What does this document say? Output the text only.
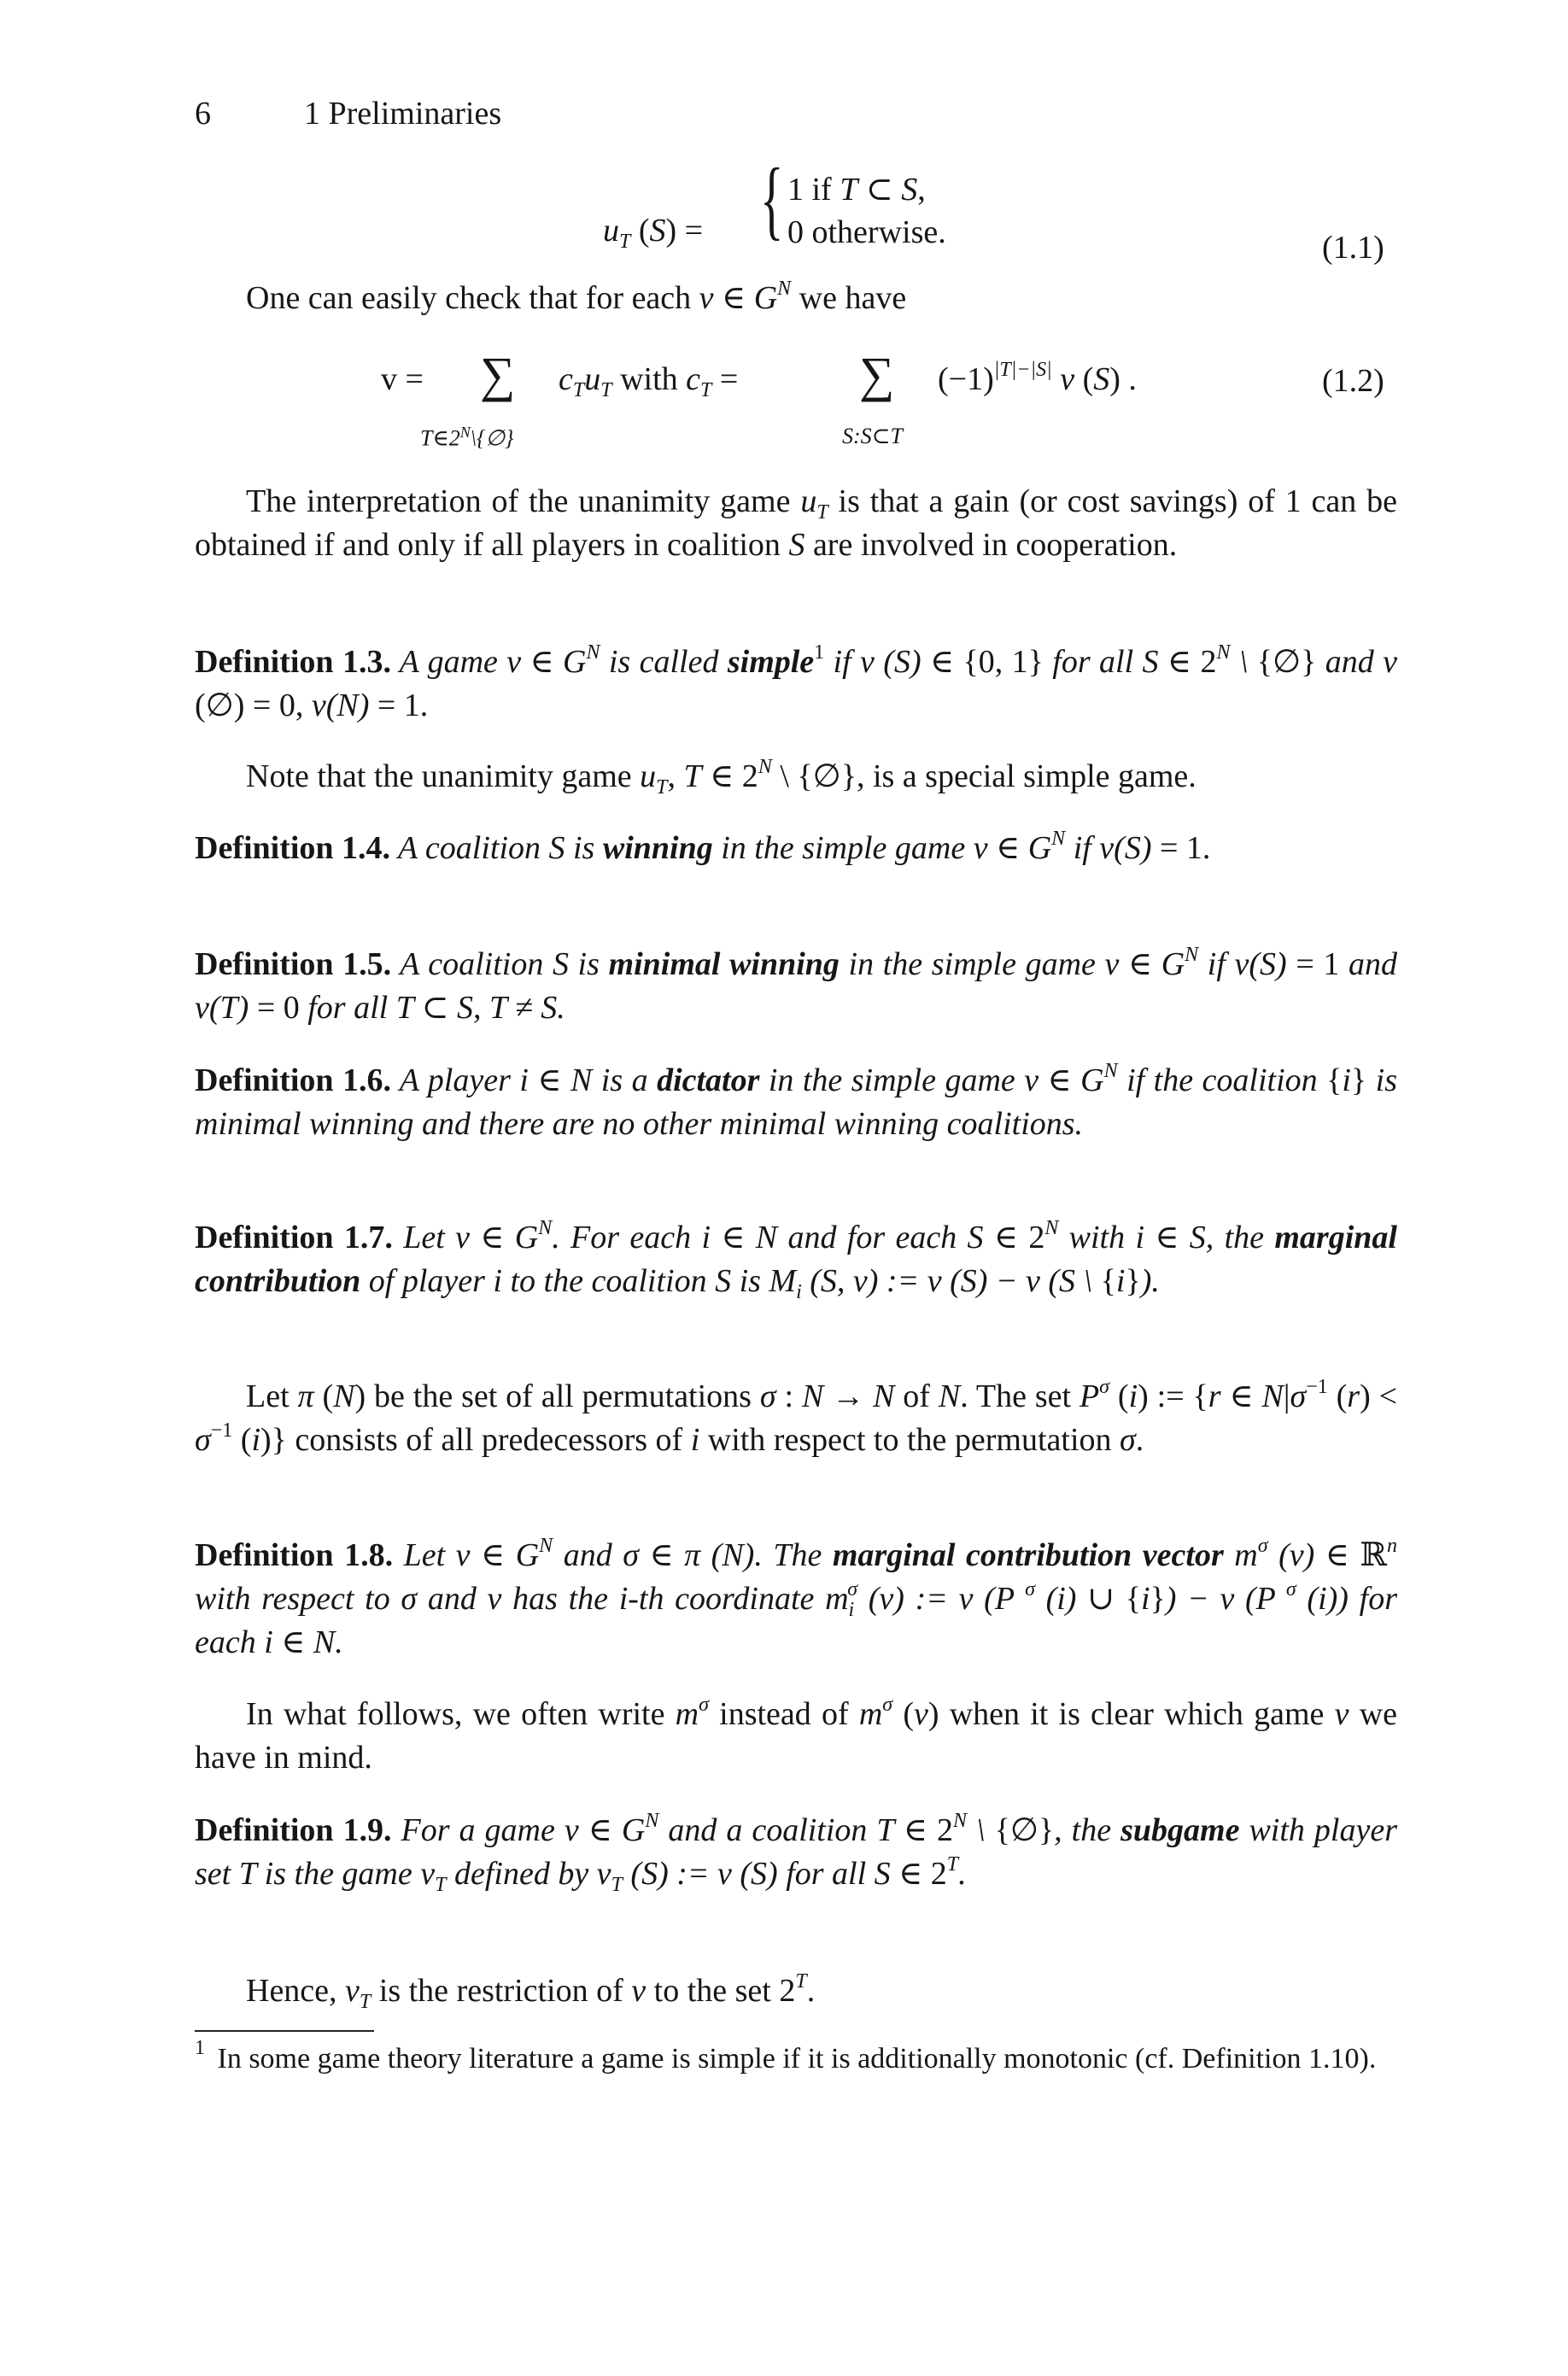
6	1 Preliminaries
$u_T$ (S) = { 1 if T ⊂ S,
0 otherwise.	(1.1)
One can easily check that for each v ∈ $G^N$ we have
v = ∑
$T\in 2^N\backslash\{\emptyset\}$
$c_Tu_T$ with $c_T$ = ∑
S:S⊂T
$(-1)^{|T|-|S|}$ v (S) .	(1.2)
The interpretation of the unanimity game $u_T$ is that a gain (or cost savings) of 1 can be obtained if and only if all players in coalition S are involved in cooperation.
Definition 1.3. A game v ∈ $G^N$ is called simple$^1$ if v (S) ∈ {0, 1} for all S ∈ $2^N$ \ {∅} and v (∅) = 0, v(N) = 1.
Note that the unanimity game $u_T$, T ∈ $2^N$ \ {∅}, is a special simple game.
Definition 1.4. A coalition S is winning in the simple game v ∈ $G^N$ if v(S) = 1.
Definition 1.5. A coalition S is minimal winning in the simple game v ∈ $G^N$ if v(S) = 1 and v(T) = 0 for all T ⊂ S, T ≠ S.
Definition 1.6. A player i ∈ N is a dictator in the simple game v ∈ $G^N$ if the coalition {i} is minimal winning and there are no other minimal winning coalitions.
Definition 1.7. Let v ∈ $G^N$. For each i ∈ N and for each S ∈ $2^N$ with i ∈ S, the marginal contribution of player i to the coalition S is $M_i$ (S, v) := v (S) − v (S \ {i}).
Let π (N) be the set of all permutations σ : N → N of N. The set $P^\sigma$ (i) := {r ∈ $N|\sigma^{-1}$ $(r) < \sigma^{-1}$ (i)} consists of all predecessors of i with respect to the permutation σ.
Definition 1.8. Let v ∈ $G^N$ and σ ∈ π (N). The marginal contribution vector $m^\sigma$ (v) ∈ ℝ$^n$ with respect to σ and v has the i-th coordinate $m_i^\sigma$ (v) := v (P $^\sigma$ (i) ∪ {i}) − v (P $^\sigma$ (i)) for each i ∈ N.
In what follows, we often write $m^\sigma$ instead of $m^\sigma$ (v) when it is clear which game v we have in mind.
Definition 1.9. For a game v ∈ $G^N$ and a coalition T ∈ $2^N$ \ {∅}, the subgame with player set T is the game $v_T$ defined by $v_T$ (S) := v (S) for all S ∈ $2^T$.
Hence, $v_T$ is the restriction of v to the set $2^T$.
$^1$ In some game theory literature a game is simple if it is additionally monotonic (cf. Definition 1.10).
